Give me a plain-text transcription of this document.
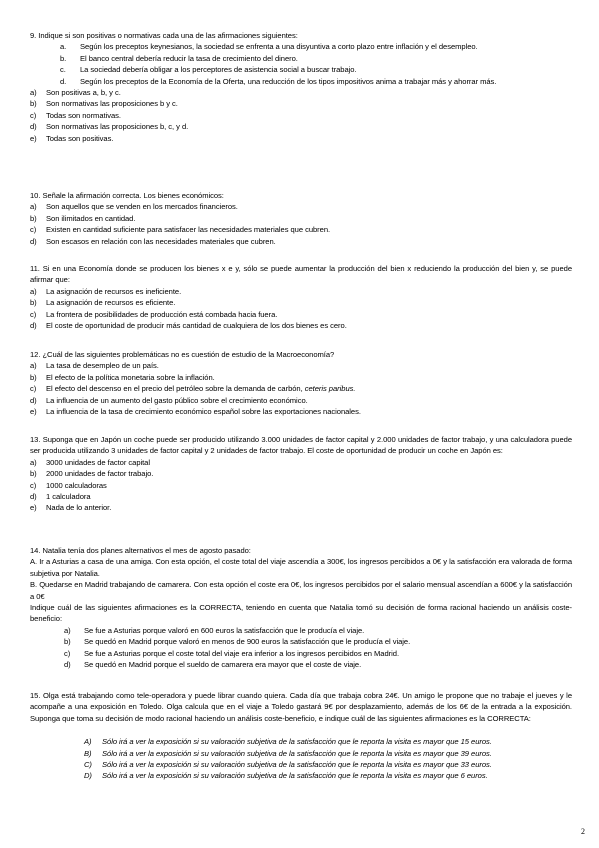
9. Indique si son positivas o normativas cada una de las afirmaciones siguientes:
a.	Según los preceptos keynesianos, la sociedad se enfrenta a una disyuntiva a corto plazo entre inflación y el desempleo.
b.	El banco central debería reducir la tasa de crecimiento del dinero.
c.	La sociedad debería obligar a los perceptores de asistencia social a buscar trabajo.
d.	Según los preceptos de la Economía de la Oferta, una reducción de los tipos impositivos anima a trabajar más y ahorrar más.
a)	Son positivas a, b, y c.
b)	Son normativas las proposiciones b y c.
c)	Todas son normativas.
d)	Son normativas las proposiciones b, c, y d.
e)	Todas son positivas.
10. Señale la afirmación correcta. Los bienes económicos:
a)	Son aquellos que se venden en los mercados financieros.
b)	Son ilimitados en cantidad.
c)	Existen en cantidad suficiente para satisfacer las necesidades materiales que cubren.
d)	Son escasos en relación con las necesidades materiales que cubren.
11. Si en una Economía donde se producen los bienes x e y, sólo se puede aumentar la producción del bien x reduciendo la producción del bien y, se puede afirmar que:
a)	La asignación de recursos es ineficiente.
b)	La asignación de recursos es eficiente.
c)	La frontera de posibilidades de producción está combada hacia fuera.
d)	El coste de oportunidad de producir más cantidad de cualquiera de los dos bienes es cero.
12. ¿Cuál de las siguientes problemáticas no es cuestión de estudio de la Macroeconomía?
a)	La tasa de desempleo de un país.
b)	El efecto de la política monetaria sobre la inflación.
c)	El efecto del descenso en el precio del petróleo sobre la demanda de carbón,
ceteris paribus.
d)	La influencia de un aumento del gasto público sobre el crecimiento económico.
e)	La influencia de la tasa de crecimiento económico español sobre las exportaciones nacionales.
13. Suponga que en Japón un coche puede ser producido utilizando 3.000 unidades de factor capital y 2.000 unidades de factor trabajo, y una calculadora puede ser producida utilizando 3 unidades de factor capital y 2 unidades de factor trabajo. El coste de oportunidad de producir un coche en Japón es:
a)	3000 unidades de factor capital
b)	2000 unidades de factor trabajo.
c)	1000 calculadoras
d)	1 calculadora
e)	Nada de lo anterior.
14. Natalia tenía dos planes alternativos el mes de agosto pasado:
A. Ir a Asturias a casa de una amiga. Con esta opción, el coste total del viaje ascendía a 300€, los ingresos percibidos a 0€ y la satisfacción era valorada de forma subjetiva por Natalia.
B. Quedarse en Madrid trabajando de camarera. Con esta opción el coste era 0€, los ingresos percibidos por el salario mensual ascendían a 600€ y la satisfacción a 0€
Indique cuál de las siguientes afirmaciones es la CORRECTA, teniendo en cuenta que Natalia tomó su decisión de forma racional haciendo un análisis coste-beneficio:
a)	Se fue a Asturias porque valoró en 600 euros la satisfacción que le producía el viaje.
b)	Se quedó en Madrid porque valoró en menos de 900 euros la satisfacción que le producía el viaje.
c)	Se fue a Asturias porque el coste total del viaje era inferior a los ingresos percibidos en Madrid.
d)	Se quedó en Madrid porque el sueldo de camarera era mayor que el coste de viaje.
15. Olga está trabajando como tele-operadora y puede librar cuando quiera. Cada día que trabaja cobra 24€. Un amigo le propone que no trabaje el jueves y le acompañe a una exposición en Toledo. Olga calcula que en el viaje a Toledo gastará 9€ por desplazamiento, además de los 6€ de la entrada a la exposición. Suponga que toma su decisión de modo racional haciendo un análisis coste-beneficio, e indique cuál de las siguientes afirmaciones es la CORRECTA:
A)	Sólo irá a ver la exposición si su valoración subjetiva de la satisfacción que le reporta la visita es mayor que 15 euros.
B)	Sólo irá a ver la exposición si su valoración subjetiva de la satisfacción que le reporta la visita es mayor que 39 euros.
C)	Sólo irá a ver la exposición si su valoración subjetiva de la satisfacción que le reporta la visita es mayor que 33 euros.
D)	Sólo irá a ver la exposición si su valoración subjetiva de la satisfacción que le reporta la visita es mayor que 6 euros.
2
